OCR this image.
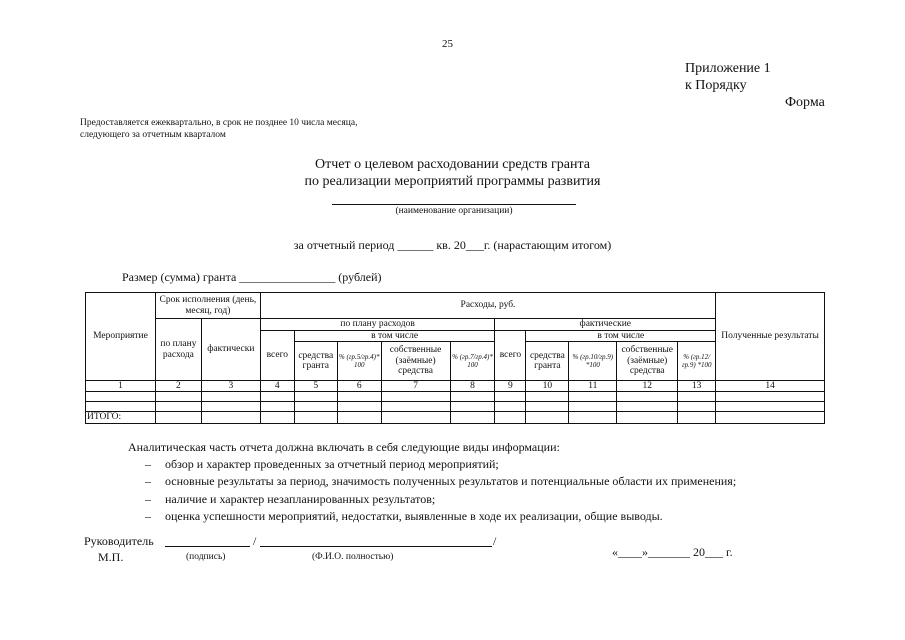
25
Приложение 1
к Порядку
Форма
Предоставляется ежеквартально, в срок не позднее 10 числа месяца,
следующего за отчетным кварталом
Отчет о целевом расходовании средств гранта
по реализации мероприятий программы развития
(наименование организации)
за отчетный период ______ кв. 20___г. (нарастающим итогом)
Размер (сумма) гранта ________________ (рублей)
Мероприятие	Срок исполнения (день, месяц, год)		Расходы, руб.										Полученные результаты
	по плану расхода	фактически	по плану расходов					фактические					
			всего	в том числе				всего	в том числе				
				средства гранта	% (гр.5/гр.4)* 100	собственные (заёмные) средства	% (гр.7/гр.4)* 100		средства гранта	% (гр.10/гр.9) *100	собственные (заёмные) средства	% (гр.12/гр.9) *100	
1	2	3	4	5	6	7	8	9	10	11	12	13	14

ИТОГО:													
Аналитическая часть отчета должна включать в себя следующие виды информации:
– обзор и характер проведенных за отчетный период мероприятий;
– основные результаты за период, значимость полученных результатов и потенциальные области их применения;
– наличие и характер незапланированных результатов;
– оценка успешности мероприятий, недостатки, выявленные в ходе их реализации, общие выводы.
Руководитель	/	/
М.П.	(подпись)	(Ф.И.О. полностью)	«____»_______ 20___ г.
